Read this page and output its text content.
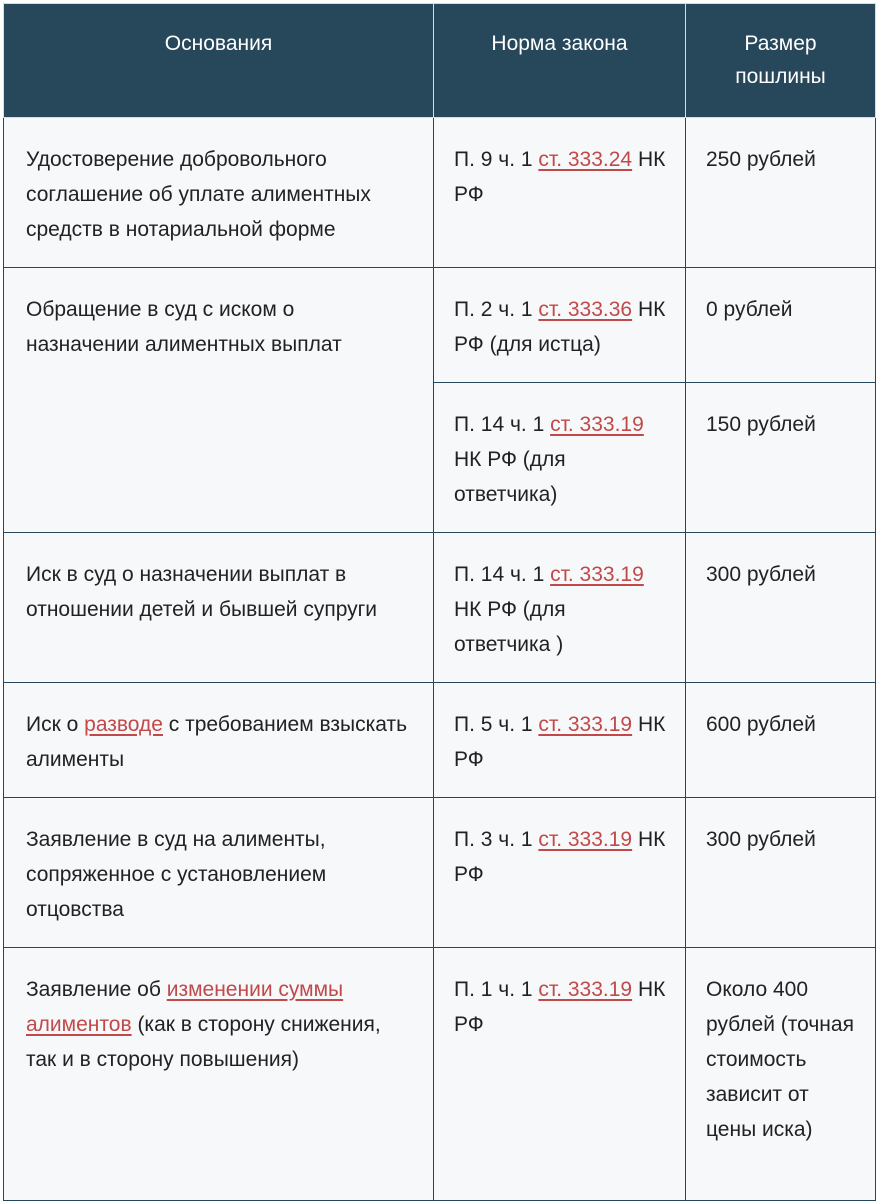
Основания	Норма закона	Размер пошлины
Удостоверение добровольного соглашение об уплате алиментных средств в нотариальной форме	П. 9 ч. 1 ст. 333.24 НК РФ	250 рублей
Обращение в суд с иском о назначении алиментных выплат	П. 2 ч. 1 ст. 333.36 НК РФ (для истца)	0 рублей
	П. 14 ч. 1 ст. 333.19 НК РФ (для ответчика)	150 рублей
Иск в суд о назначении выплат в отношении детей и бывшей супруги	П. 14 ч. 1 ст. 333.19 НК РФ (для ответчика )	300 рублей
Иск о разводе с требованием взыскать алименты	П. 5 ч. 1 ст. 333.19 НК РФ	600 рублей
Заявление в суд на алименты, сопряженное с установлением отцовства	П. 3 ч. 1 ст. 333.19 НК РФ	300 рублей
Заявление об изменении суммы алиментов (как в сторону снижения, так и в сторону повышения)	П. 1 ч. 1 ст. 333.19 НК РФ	Около 400 рублей (точная стоимость зависит от цены иска)
